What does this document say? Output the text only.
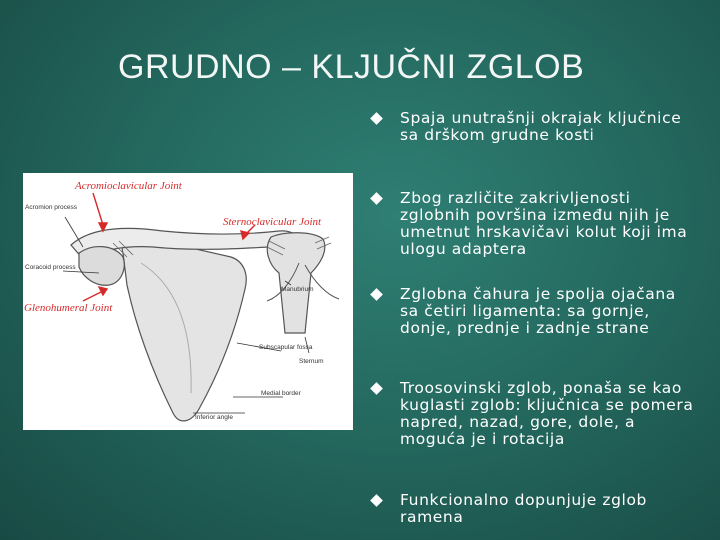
GRUDNO – KLJUČNI ZGLOB
Acromioclavicular Joint
Acromion process
Sternoclavicular Joint
Coracoid process
Manubrium
Glenohumeral Joint
Sternum
Subscapular fossa
Medial border
Inferior angle
Spaja unutrašnji okrajak ključnice sa drškom grudne kosti
Zbog različite zakrivljenosti zglobnih površina između njih je umetnut hrskavičavi kolut koji ima ulogu adaptera
Zglobna čahura je spolja ojačana sa četiri ligamenta: sa gornje, donje, prednje i zadnje strane
Troosovinski zglob, ponaša se kao kuglasti zglob: ključnica se pomera napred, nazad, gore, dole, a moguća je i rotacija
Funkcionalno dopunjuje zglob ramena
